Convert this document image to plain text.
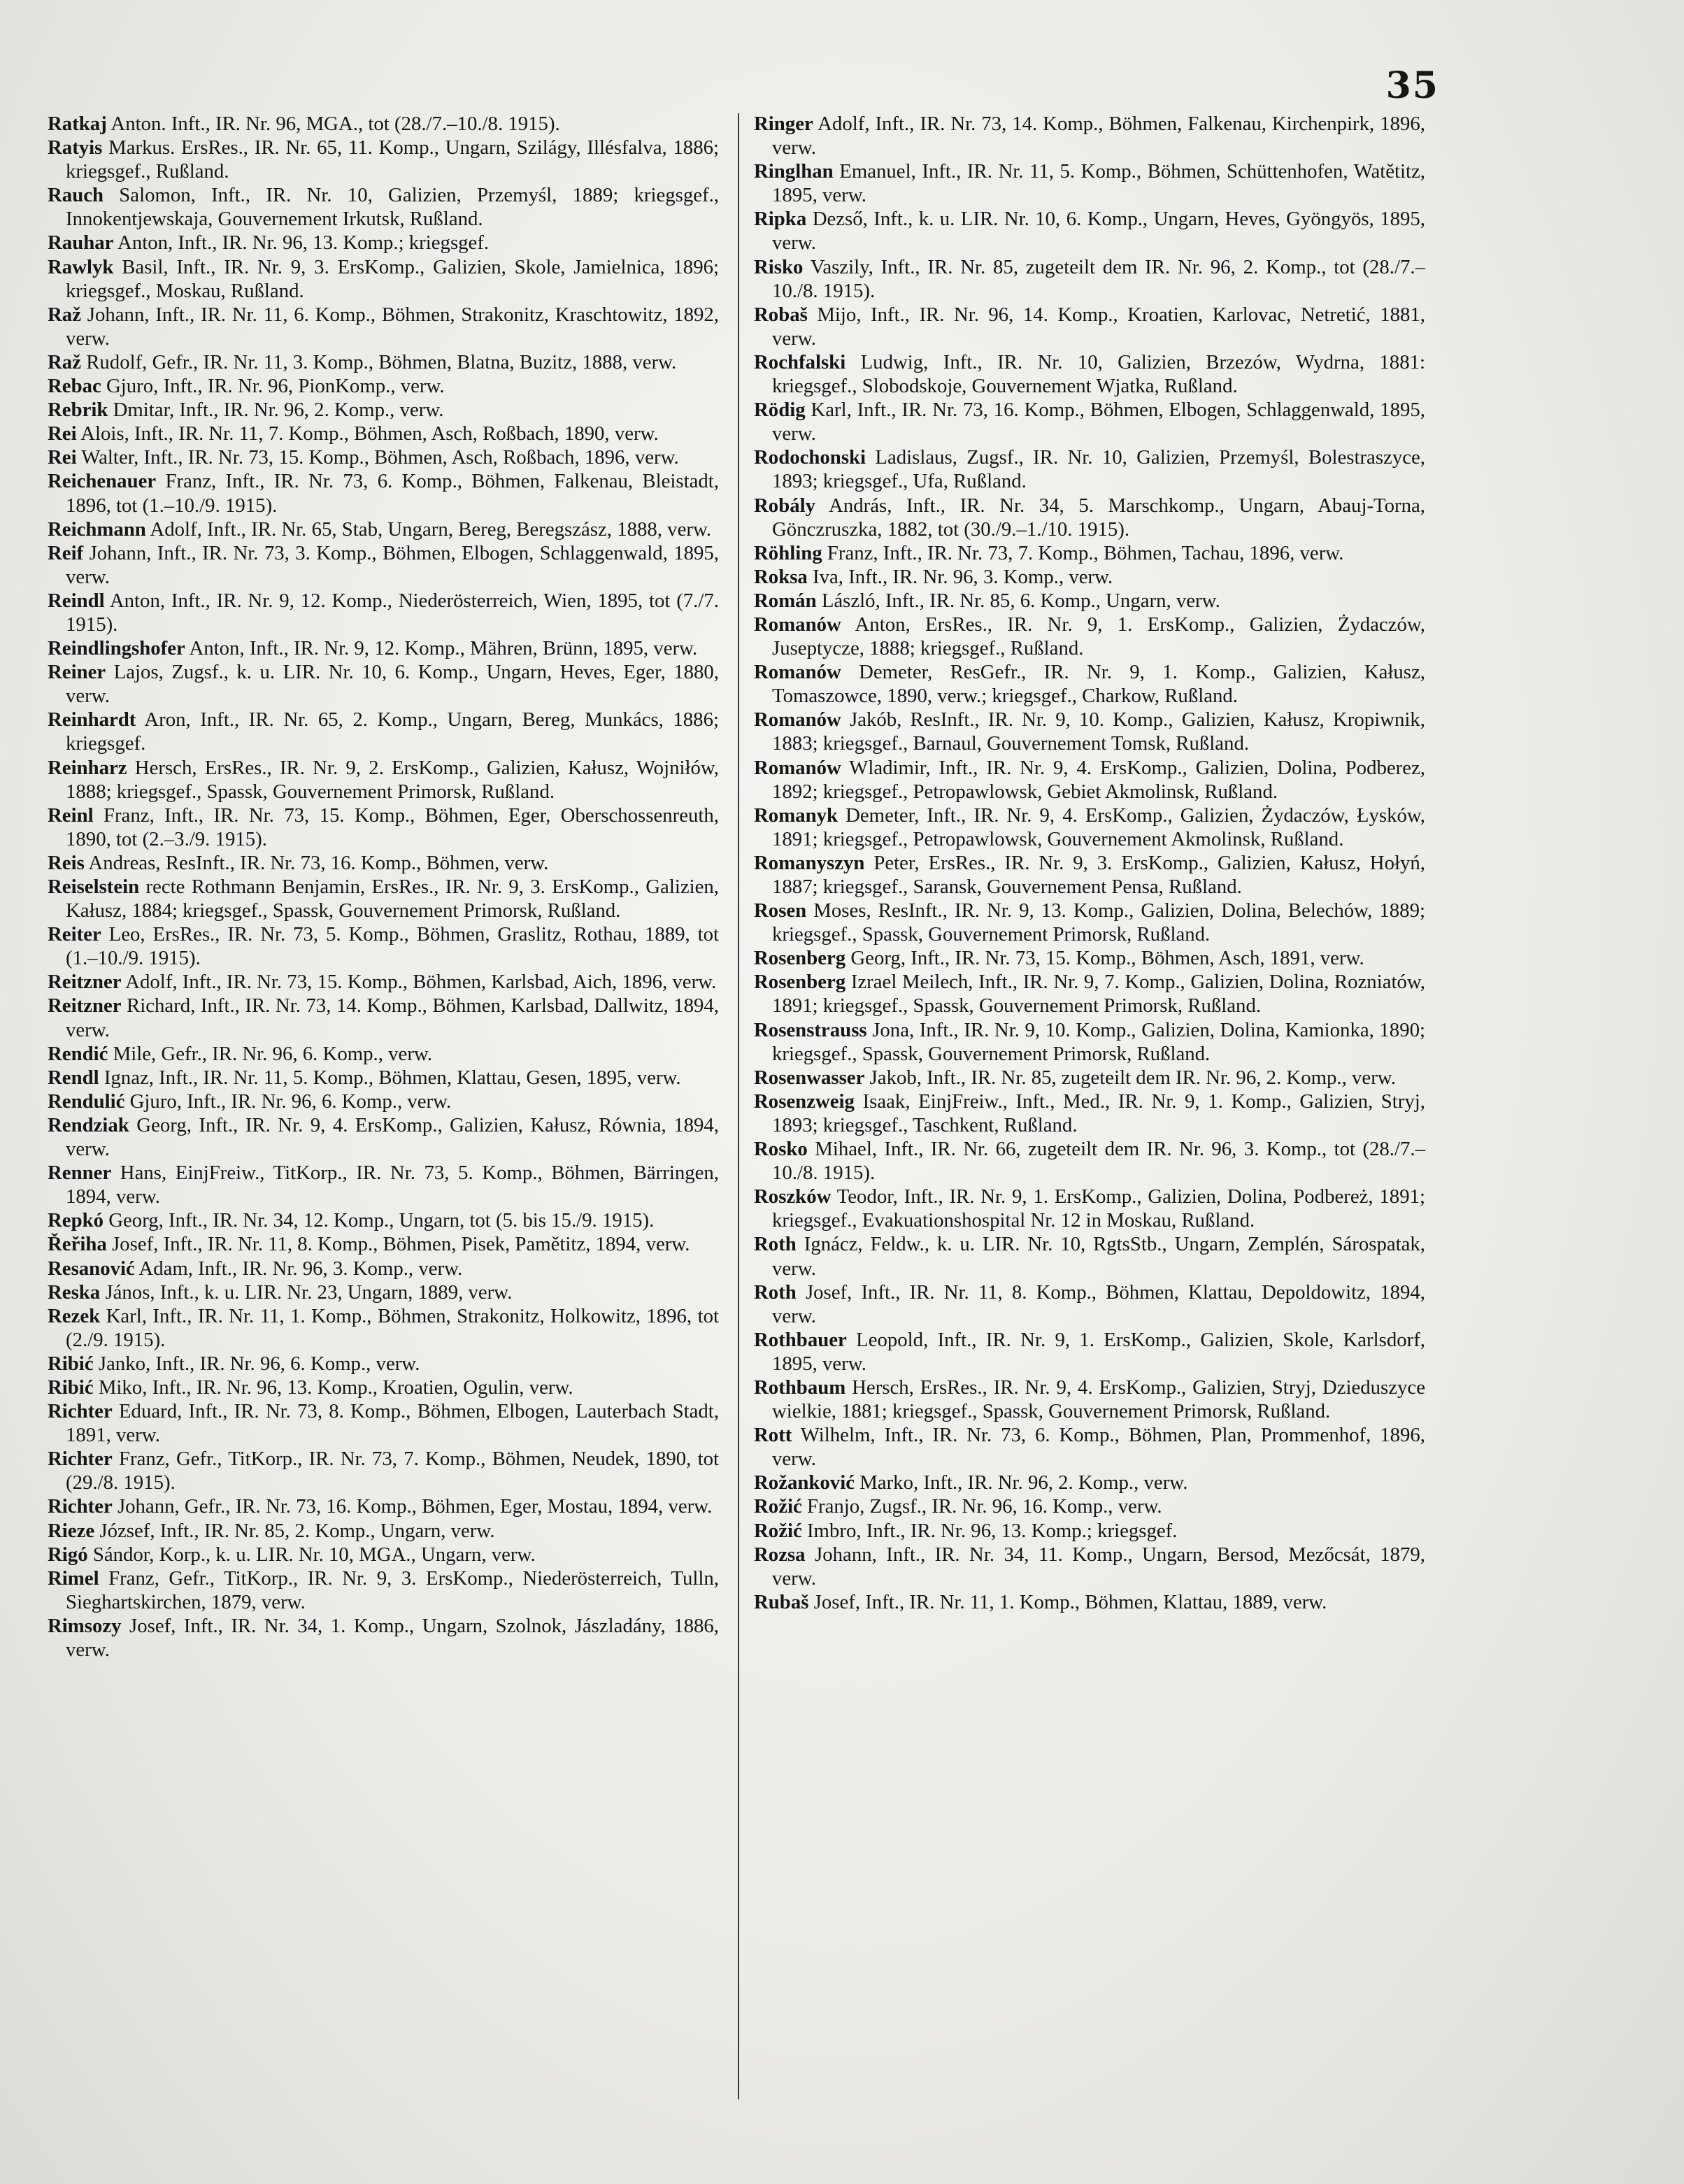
35
Ratkaj Anton. Inft., IR. Nr. 96, MGA., tot (28./7.–10./8. 1915).
Ratyis Markus. ErsRes., IR. Nr. 65, 11. Komp., Ungarn, Szilágy, Illésfalva, 1886; kriegsgef., Rußland.
Rauch Salomon, Inft., IR. Nr. 10, Galizien, Przemyśl, 1889; kriegsgef., Innokentjewskaja, Gouvernement Irkutsk, Rußland.
Rauhar Anton, Inft., IR. Nr. 96, 13. Komp.; kriegsgef.
Rawlyk Basil, Inft., IR. Nr. 9, 3. ErsKomp., Galizien, Skole, Jamielnica, 1896; kriegsgef., Moskau, Rußland.
Raž Johann, Inft., IR. Nr. 11, 6. Komp., Böhmen, Strakonitz, Kraschtowitz, 1892, verw.
Raž Rudolf, Gefr., IR. Nr. 11, 3. Komp., Böhmen, Blatna, Buzitz, 1888, verw.
Rebac Gjuro, Inft., IR. Nr. 96, PionKomp., verw.
Rebrik Dmitar, Inft., IR. Nr. 96, 2. Komp., verw.
Rei Alois, Inft., IR. Nr. 11, 7. Komp., Böhmen, Asch, Roßbach, 1890, verw.
Rei Walter, Inft., IR. Nr. 73, 15. Komp., Böhmen, Asch, Roßbach, 1896, verw.
Reichenauer Franz, Inft., IR. Nr. 73, 6. Komp., Böhmen, Falkenau, Bleistadt, 1896, tot (1.–10./9. 1915).
Reichmann Adolf, Inft., IR. Nr. 65, Stab, Ungarn, Bereg, Beregszász, 1888, verw.
Reif Johann, Inft., IR. Nr. 73, 3. Komp., Böhmen, Elbogen, Schlaggenwald, 1895, verw.
Reindl Anton, Inft., IR. Nr. 9, 12. Komp., Niederösterreich, Wien, 1895, tot (7./7. 1915).
Reindlingshofer Anton, Inft., IR. Nr. 9, 12. Komp., Mähren, Brünn, 1895, verw.
Reiner Lajos, Zugsf., k. u. LIR. Nr. 10, 6. Komp., Ungarn, Heves, Eger, 1880, verw.
Reinhardt Aron, Inft., IR. Nr. 65, 2. Komp., Ungarn, Bereg, Munkács, 1886; kriegsgef.
Reinharz Hersch, ErsRes., IR. Nr. 9, 2. ErsKomp., Galizien, Kałusz, Wojniłów, 1888; kriegsgef., Spassk, Gouvernement Primorsk, Rußland.
Reinl Franz, Inft., IR. Nr. 73, 15. Komp., Böhmen, Eger, Oberschossenreuth, 1890, tot (2.–3./9. 1915).
Reis Andreas, ResInft., IR. Nr. 73, 16. Komp., Böhmen, verw.
Reiselstein recte Rothmann Benjamin, ErsRes., IR. Nr. 9, 3. ErsKomp., Galizien, Kałusz, 1884; kriegsgef., Spassk, Gouvernement Primorsk, Rußland.
Reiter Leo, ErsRes., IR. Nr. 73, 5. Komp., Böhmen, Graslitz, Rothau, 1889, tot (1.–10./9. 1915).
Reitzner Adolf, Inft., IR. Nr. 73, 15. Komp., Böhmen, Karlsbad, Aich, 1896, verw.
Reitzner Richard, Inft., IR. Nr. 73, 14. Komp., Böhmen, Karlsbad, Dallwitz, 1894, verw.
Rendić Mile, Gefr., IR. Nr. 96, 6. Komp., verw.
Rendl Ignaz, Inft., IR. Nr. 11, 5. Komp., Böhmen, Klattau, Gesen, 1895, verw.
Rendulić Gjuro, Inft., IR. Nr. 96, 6. Komp., verw.
Rendziak Georg, Inft., IR. Nr. 9, 4. ErsKomp., Galizien, Kałusz, Równia, 1894, verw.
Renner Hans, EinjFreiw., TitKorp., IR. Nr. 73, 5. Komp., Böhmen, Bärringen, 1894, verw.
Repkó Georg, Inft., IR. Nr. 34, 12. Komp., Ungarn, tot (5. bis 15./9. 1915).
Řeřiha Josef, Inft., IR. Nr. 11, 8. Komp., Böhmen, Pisek, Pamětitz, 1894, verw.
Resanović Adam, Inft., IR. Nr. 96, 3. Komp., verw.
Reska János, Inft., k. u. LIR. Nr. 23, Ungarn, 1889, verw.
Rezek Karl, Inft., IR. Nr. 11, 1. Komp., Böhmen, Strakonitz, Holkowitz, 1896, tot (2./9. 1915).
Ribić Janko, Inft., IR. Nr. 96, 6. Komp., verw.
Ribić Miko, Inft., IR. Nr. 96, 13. Komp., Kroatien, Ogulin, verw.
Richter Eduard, Inft., IR. Nr. 73, 8. Komp., Böhmen, Elbogen, Lauterbach Stadt, 1891, verw.
Richter Franz, Gefr., TitKorp., IR. Nr. 73, 7. Komp., Böhmen, Neudek, 1890, tot (29./8. 1915).
Richter Johann, Gefr., IR. Nr. 73, 16. Komp., Böhmen, Eger, Mostau, 1894, verw.
Rieze József, Inft., IR. Nr. 85, 2. Komp., Ungarn, verw.
Rigó Sándor, Korp., k. u. LIR. Nr. 10, MGA., Ungarn, verw.
Rimel Franz, Gefr., TitKorp., IR. Nr. 9, 3. ErsKomp., Niederösterreich, Tulln, Sieghartskirchen, 1879, verw.
Rimsozy Josef, Inft., IR. Nr. 34, 1. Komp., Ungarn, Szolnok, Jászladány, 1886, verw.
Ringer Adolf, Inft., IR. Nr. 73, 14. Komp., Böhmen, Falkenau, Kirchenpirk, 1896, verw.
Ringlhan Emanuel, Inft., IR. Nr. 11, 5. Komp., Böhmen, Schüttenhofen, Watětitz, 1895, verw.
Ripka Dezső, Inft., k. u. LIR. Nr. 10, 6. Komp., Ungarn, Heves, Gyöngyös, 1895, verw.
Risko Vaszily, Inft., IR. Nr. 85, zugeteilt dem IR. Nr. 96, 2. Komp., tot (28./7.–10./8. 1915).
Robaš Mijo, Inft., IR. Nr. 96, 14. Komp., Kroatien, Karlovac, Netretić, 1881, verw.
Rochfalski Ludwig, Inft., IR. Nr. 10, Galizien, Brzezów, Wydrna, 1881: kriegsgef., Slobodskoje, Gouvernement Wjatka, Rußland.
Rödig Karl, Inft., IR. Nr. 73, 16. Komp., Böhmen, Elbogen, Schlaggenwald, 1895, verw.
Rodochonski Ladislaus, Zugsf., IR. Nr. 10, Galizien, Przemyśl, Bolestraszyce, 1893; kriegsgef., Ufa, Rußland.
Robály András, Inft., IR. Nr. 34, 5. Marschkomp., Ungarn, Abauj-Torna, Gönczruszka, 1882, tot (30./9.–1./10. 1915).
Röhling Franz, Inft., IR. Nr. 73, 7. Komp., Böhmen, Tachau, 1896, verw.
Roksa Iva, Inft., IR. Nr. 96, 3. Komp., verw.
Román László, Inft., IR. Nr. 85, 6. Komp., Ungarn, verw.
Romanów Anton, ErsRes., IR. Nr. 9, 1. ErsKomp., Galizien, Żydaczów, Juseptycze, 1888; kriegsgef., Rußland.
Romanów Demeter, ResGefr., IR. Nr. 9, 1. Komp., Galizien, Kałusz, Tomaszowce, 1890, verw.; kriegsgef., Charkow, Rußland.
Romanów Jakób, ResInft., IR. Nr. 9, 10. Komp., Galizien, Kałusz, Kropiwnik, 1883; kriegsgef., Barnaul, Gouvernement Tomsk, Rußland.
Romanów Wladimir, Inft., IR. Nr. 9, 4. ErsKomp., Galizien, Dolina, Podberez, 1892; kriegsgef., Petropawlowsk, Gebiet Akmolinsk, Rußland.
Romanyk Demeter, Inft., IR. Nr. 9, 4. ErsKomp., Galizien, Żydaczów, Łysków, 1891; kriegsgef., Petropawlowsk, Gouvernement Akmolinsk, Rußland.
Romanyszyn Peter, ErsRes., IR. Nr. 9, 3. ErsKomp., Galizien, Kałusz, Hołyń, 1887; kriegsgef., Saransk, Gouvernement Pensa, Rußland.
Rosen Moses, ResInft., IR. Nr. 9, 13. Komp., Galizien, Dolina, Belechów, 1889; kriegsgef., Spassk, Gouvernement Primorsk, Rußland.
Rosenberg Georg, Inft., IR. Nr. 73, 15. Komp., Böhmen, Asch, 1891, verw.
Rosenberg Izrael Meilech, Inft., IR. Nr. 9, 7. Komp., Galizien, Dolina, Rozniatów, 1891; kriegsgef., Spassk, Gouvernement Primorsk, Rußland.
Rosenstrauss Jona, Inft., IR. Nr. 9, 10. Komp., Galizien, Dolina, Kamionka, 1890; kriegsgef., Spassk, Gouvernement Primorsk, Rußland.
Rosenwasser Jakob, Inft., IR. Nr. 85, zugeteilt dem IR. Nr. 96, 2. Komp., verw.
Rosenzweig Isaak, EinjFreiw., Inft., Med., IR. Nr. 9, 1. Komp., Galizien, Stryj, 1893; kriegsgef., Taschkent, Rußland.
Rosko Mihael, Inft., IR. Nr. 66, zugeteilt dem IR. Nr. 96, 3. Komp., tot (28./7.–10./8. 1915).
Roszków Teodor, Inft., IR. Nr. 9, 1. ErsKomp., Galizien, Dolina, Podbereż, 1891; kriegsgef., Evakuationshospital Nr. 12 in Moskau, Rußland.
Roth Ignácz, Feldw., k. u. LIR. Nr. 10, RgtsStb., Ungarn, Zemplén, Sárospatak, verw.
Roth Josef, Inft., IR. Nr. 11, 8. Komp., Böhmen, Klattau, Depoldowitz, 1894, verw.
Rothbauer Leopold, Inft., IR. Nr. 9, 1. ErsKomp., Galizien, Skole, Karlsdorf, 1895, verw.
Rothbaum Hersch, ErsRes., IR. Nr. 9, 4. ErsKomp., Galizien, Stryj, Dzieduszyce wielkie, 1881; kriegsgef., Spassk, Gouvernement Primorsk, Rußland.
Rott Wilhelm, Inft., IR. Nr. 73, 6. Komp., Böhmen, Plan, Prommenhof, 1896, verw.
Rožanković Marko, Inft., IR. Nr. 96, 2. Komp., verw.
Rožić Franjo, Zugsf., IR. Nr. 96, 16. Komp., verw.
Rožić Imbro, Inft., IR. Nr. 96, 13. Komp.; kriegsgef.
Rozsa Johann, Inft., IR. Nr. 34, 11. Komp., Ungarn, Bersod, Mezőcsát, 1879, verw.
Rubaš Josef, Inft., IR. Nr. 11, 1. Komp., Böhmen, Klattau, 1889, verw.
